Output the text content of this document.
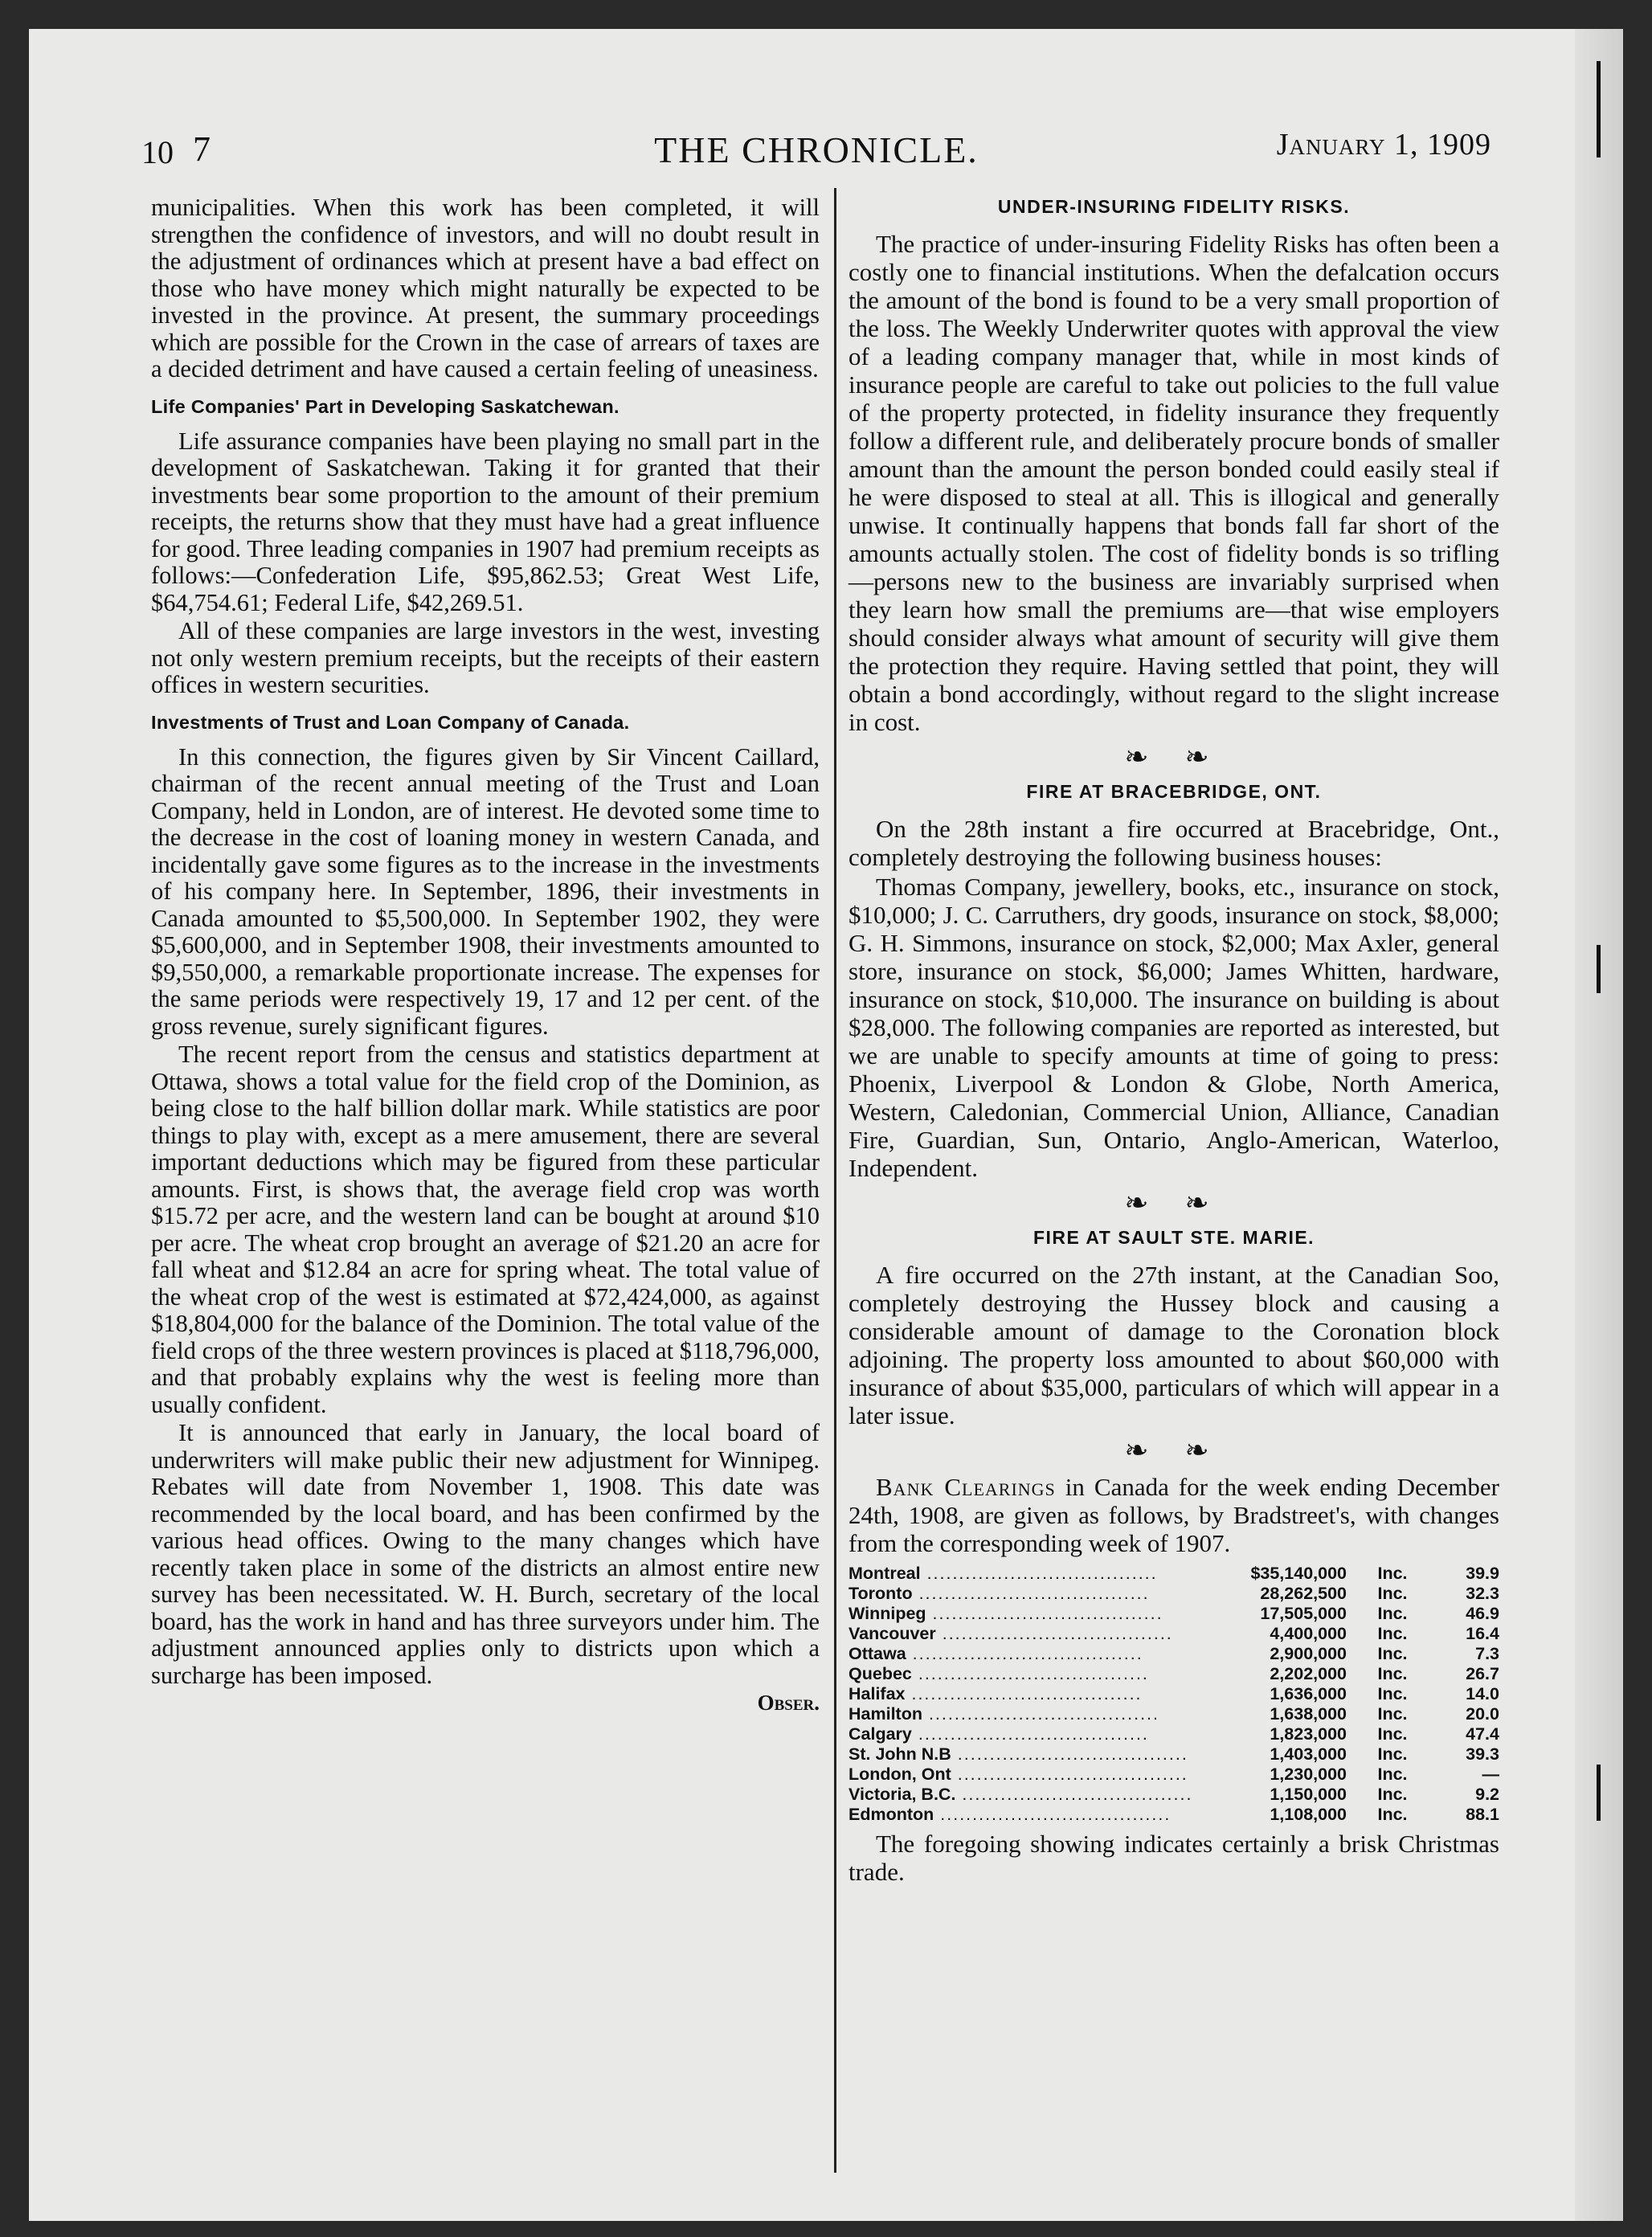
10 7	THE CHRONICLE.	January 1, 1909

municipalities. When this work has been completed, it will strengthen the confidence of investors, and will no doubt result in the adjustment of ordinances which at present have a bad effect on those who have money which might naturally be expected to be invested in the province. At present, the summary proceedings which are possible for the Crown in the case of arrears of taxes are a decided detriment and have caused a certain feeling of uneasiness.

Life Companies' Part in Developing Saskatchewan.

Life assurance companies have been playing no small part in the development of Saskatchewan. Taking it for granted that their investments bear some proportion to the amount of their premium receipts, the returns show that they must have had a great influence for good. Three leading companies in 1907 had premium receipts as follows:—Confederation Life, $95,862.53; Great West Life, $64,754.61; Federal Life, $42,269.51.

All of these companies are large investors in the west, investing not only western premium receipts, but the receipts of their eastern offices in western securities.

Investments of Trust and Loan Company of Canada.

In this connection, the figures given by Sir Vincent Caillard, chairman of the recent annual meeting of the Trust and Loan Company, held in London, are of interest. He devoted some time to the decrease in the cost of loaning money in western Canada, and incidentally gave some figures as to the increase in the investments of his company here. In September, 1896, their investments in Canada amounted to $5,500,000. In September 1902, they were $5,600,000, and in September 1908, their investments amounted to $9,550,000, a remarkable proportionate increase. The expenses for the same periods were respectively 19, 17 and 12 per cent. of the gross revenue, surely significant figures.

The recent report from the census and statistics department at Ottawa, shows a total value for the field crop of the Dominion, as being close to the half billion dollar mark. While statistics are poor things to play with, except as a mere amusement, there are several important deductions which may be figured from these particular amounts. First, is shows that, the average field crop was worth $15.72 per acre, and the western land can be bought at around $10 per acre. The wheat crop brought an average of $21.20 an acre for fall wheat and $12.84 an acre for spring wheat. The total value of the wheat crop of the west is estimated at $72,424,000, as against $18,804,000 for the balance of the Dominion. The total value of the field crops of the three western provinces is placed at $118,796,000, and that probably explains why the west is feeling more than usually confident.

It is announced that early in January, the local board of underwriters will make public their new adjustment for Winnipeg. Rebates will date from November 1, 1908. This date was recommended by the local board, and has been confirmed by the various head offices. Owing to the many changes which have recently taken place in some of the districts an almost entire new survey has been necessitated. W. H. Burch, secretary of the local board, has the work in hand and has three surveyors under him. The adjustment announced applies only to districts upon which a surcharge has been imposed.

Obser.
UNDER-INSURING FIDELITY RISKS.

The practice of under-insuring Fidelity Risks has often been a costly one to financial institutions. When the defalcation occurs the amount of the bond is found to be a very small proportion of the loss. The Weekly Underwriter quotes with approval the view of a leading company manager that, while in most kinds of insurance people are careful to take out policies to the full value of the property protected, in fidelity insurance they frequently follow a different rule, and deliberately procure bonds of smaller amount than the amount the person bonded could easily steal if he were disposed to steal at all. This is illogical and generally unwise. It continually happens that bonds fall far short of the amounts actually stolen. The cost of fidelity bonds is so trifling—persons new to the business are invariably surprised when they learn how small the premiums are—that wise employers should consider always what amount of security will give them the protection they require. Having settled that point, they will obtain a bond accordingly, without regard to the slight increase in cost.

❧ ❧
FIRE AT BRACEBRIDGE, ONT.

On the 28th instant a fire occurred at Bracebridge, Ont., completely destroying the following business houses:

Thomas Company, jewellery, books, etc., insurance on stock, $10,000; J. C. Carruthers, dry goods, insurance on stock, $8,000; G. H. Simmons, insurance on stock, $2,000; Max Axler, general store, insurance on stock, $6,000; James Whitten, hardware, insurance on stock, $10,000. The insurance on building is about $28,000. The following companies are reported as interested, but we are unable to specify amounts at time of going to press: Phoenix, Liverpool & London & Globe, North America, Western, Caledonian, Commercial Union, Alliance, Canadian Fire, Guardian, Sun, Ontario, Anglo-American, Waterloo, Independent.

❧ ❧
FIRE AT SAULT STE. MARIE.

A fire occurred on the 27th instant, at the Canadian Soo, completely destroying the Hussey block and causing a considerable amount of damage to the Coronation block adjoining. The property loss amounted to about $60,000 with insurance of about $35,000, particulars of which will appear in a later issue.

❧ ❧

Bank Clearings in Canada for the week ending December 24th, 1908, are given as follows, by Bradstreet's, with changes from the corresponding week of 1907.

Montreal ....................................	$35,140,000	Inc.	39.9
Toronto ....................................	28,262,500	Inc.	32.3
Winnipeg ....................................	17,505,000	Inc.	46.9
Vancouver ....................................	4,400,000	Inc.	16.4
Ottawa ....................................	2,900,000	Inc.	7.3
Quebec ....................................	2,202,000	Inc.	26.7
Halifax ....................................	1,636,000	Inc.	14.0
Hamilton ....................................	1,638,000	Inc.	20.0
Calgary ....................................	1,823,000	Inc.	47.4
St. John N.B ....................................	1,403,000	Inc.	39.3
London, Ont ....................................	1,230,000	Inc.	—
Victoria, B.C. ....................................	1,150,000	Inc.	9.2
Edmonton ....................................	1,108,000	Inc.	88.1

The foregoing showing indicates certainly a brisk Christmas trade.
